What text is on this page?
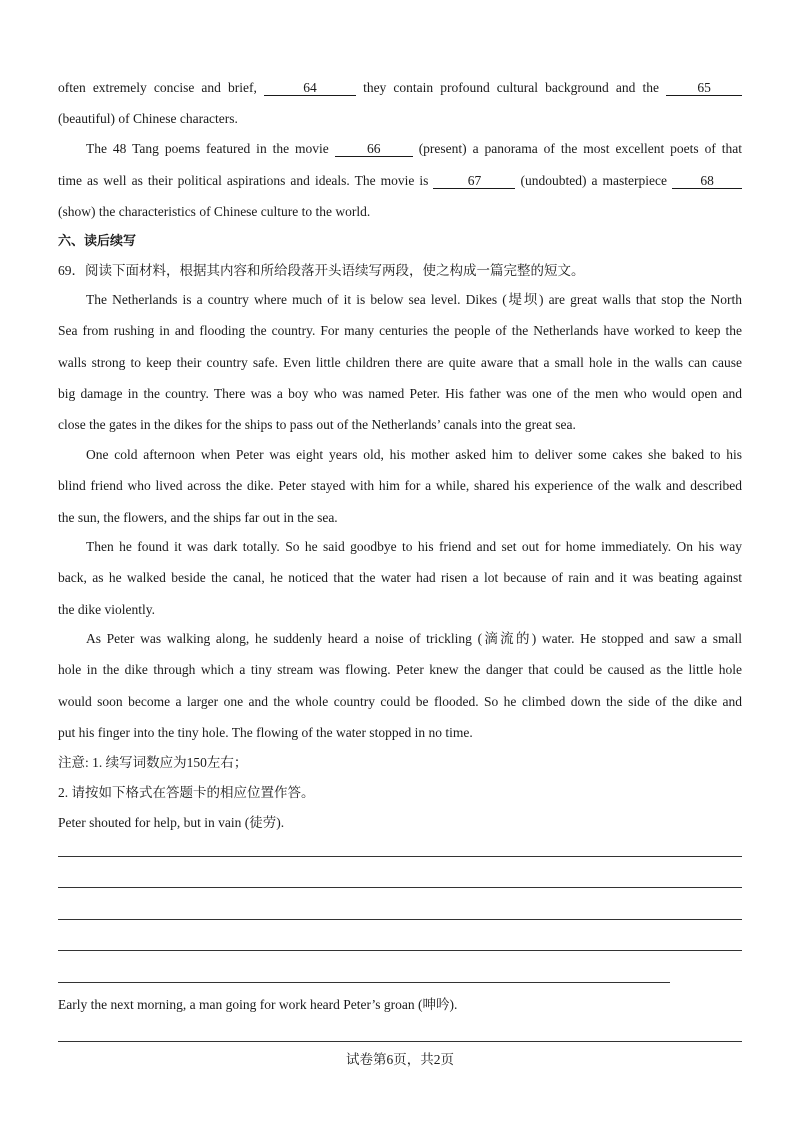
often extremely concise and brief,	64	they contain profound cultural background and the	65
(beautiful) of Chinese characters.
The 48 Tang poems featured in the movie	66	(present) a panorama of the most excellent poets of that
time as well as their political aspirations and ideals. The movie is	67	(undoubted) a masterpiece 68
(show) the characteristics of Chinese culture to the world.
六、读后续写
69．阅读下面材料，根据其内容和所给段落开头语续写两段，使之构成一篇完整的短文。
The Netherlands is a country where much of it is below sea level. Dikes (堤坝) are great walls that stop the North
Sea from rushing in and flooding the country. For many centuries the people of the Netherlands have worked to keep the
walls strong to keep their country safe. Even little children there are quite aware that a small hole in the walls can cause
big damage in the country. There was a boy who was named Peter. His father was one of the men who would open and
close the gates in the dikes for the ships to pass out of the Netherlands’ canals into the great sea.
One cold afternoon when Peter was eight years old, his mother asked him to deliver some cakes she baked to his
blind friend who lived across the dike. Peter stayed with him for a while, shared his experience of the walk and described
the sun, the flowers, and the ships far out in the sea.
Then he found it was dark totally. So he said goodbye to his friend and set out for home immediately. On his way
back, as he walked beside the canal, he noticed that the water had risen a lot because of rain and it was beating against
the dike violently.
As Peter was walking along, he suddenly heard a noise of trickling (滴流的) water. He stopped and saw a small
hole in the dike through which a tiny stream was flowing. Peter knew the danger that could be caused as the little hole
would soon become a larger one and the whole country could be flooded. So he climbed down the side of the dike and
put his finger into the tiny hole. The flowing of the water stopped in no time.
注意: 1. 续写词数应为150左右；
2. 请按如下格式在答题卡的相应位置作答。
Peter shouted for help, but in vain (徒劳).
Early the next morning, a man going for work heard Peter’s groan (呻吟).
试卷第6页，共2页
